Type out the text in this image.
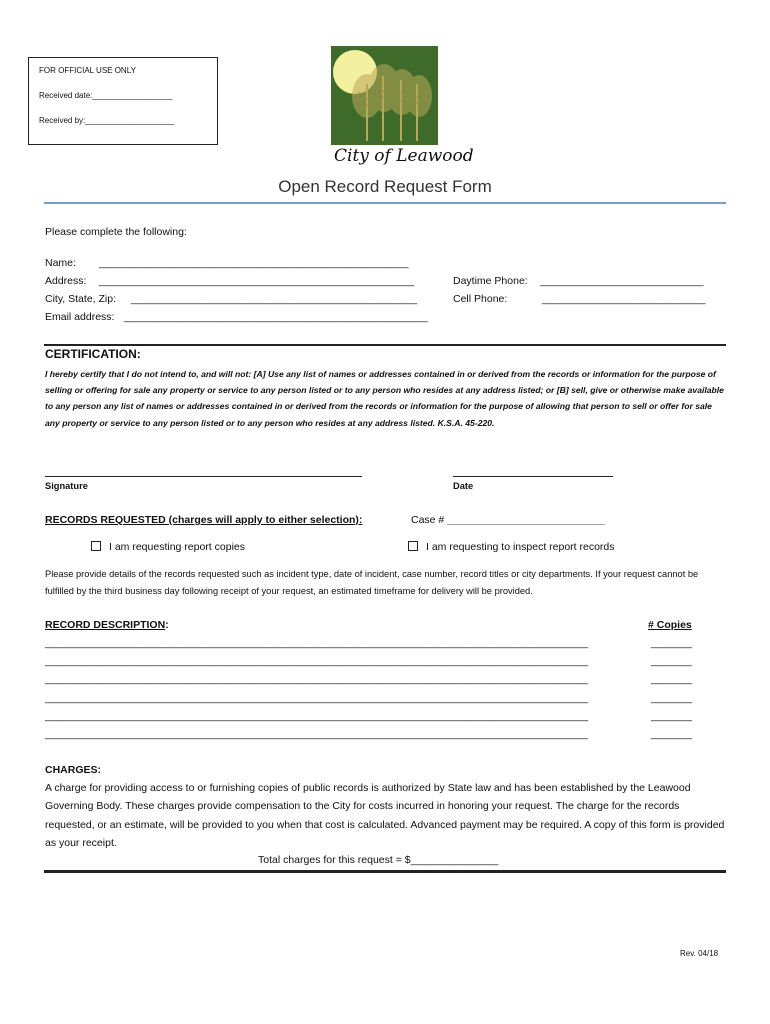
FOR OFFICIAL USE ONLY
Received date:__________________
Received by:____________________
City of Leawood
Open Record Request Form
Please complete the following:
Name: _____________________________________________________
Address: ______________________________________________________
City, State, Zip: _________________________________________________
Email address: ____________________________________________________
Daytime Phone: ____________________________
Cell Phone:	____________________________
CERTIFICATION:
I hereby certify that I do not intend to, and will not: [A] Use any list of names or addresses contained in or derived from the records or information for the purpose of selling or offering for sale any property or service to any person listed or to any person who resides at any address listed; or [B] sell, give or otherwise make available to any person any list of names or addresses contained in or derived from the records or information for the purpose of allowing that person to sell or offer for sale any property or service to any person listed or to any person who resides at any address listed. K.S.A. 45-220.
Signature	Date
RECORDS REQUESTED (charges will apply to either selection):	Case # ___________________________
I am requesting report copies	I am requesting to inspect report records
Please provide details of the records requested such as incident type, date of incident, case number, record titles or city departments. If your request cannot be fulfilled by the third business day following receipt of your request, an estimated timeframe for delivery will be provided.
RECORD DESCRIPTION:	# Copies
_____________________________________________________________________________________________	_______
_____________________________________________________________________________________________	_______
_____________________________________________________________________________________________	_______
_____________________________________________________________________________________________	_______
_____________________________________________________________________________________________	_______
_____________________________________________________________________________________________	_______
CHARGES:
A charge for providing access to or furnishing copies of public records is authorized by State law and has been established by the Leawood Governing Body. These charges provide compensation to the City for costs incurred in honoring your request. The charge for the records requested, or an estimate, will be provided to you when that cost is calculated. Advanced payment may be required. A copy of this form is provided as your receipt.
Total charges for this request = $_______________
Rev. 04/18
